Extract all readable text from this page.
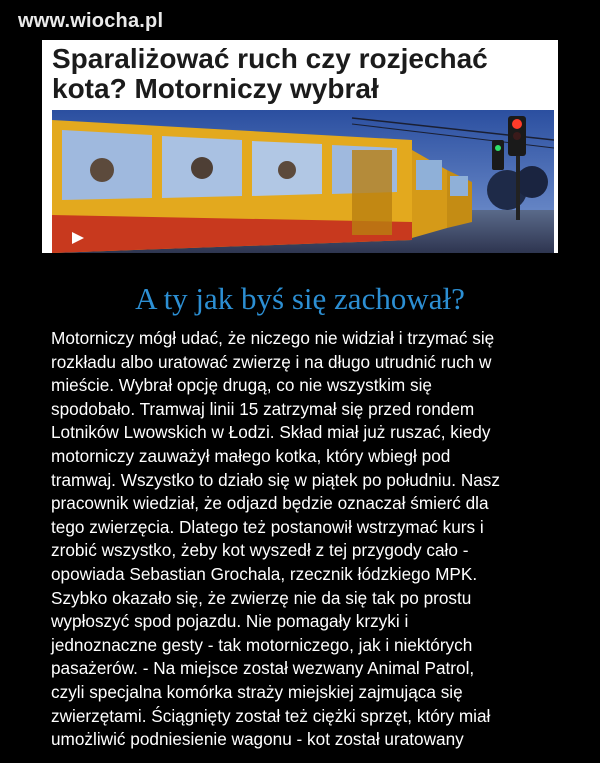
www.wiocha.pl
Sparaliżować ruch czy rozjechać
kota? Motorniczy wybrał
A ty jak byś się zachował?

Motorniczy mógł udać, że niczego nie widział i trzymać się
rozkładu albo uratować zwierzę i na długo utrudnić ruch w
mieście. Wybrał opcję drugą, co nie wszystkim się
spodobało. Tramwaj linii 15 zatrzymał się przed rondem
Lotników Lwowskich w Łodzi. Skład miał już ruszać, kiedy
motorniczy zauważył małego kotka, który wbiegł pod
tramwaj. Wszystko to działo się w piątek po południu. Nasz
pracownik wiedział, że odjazd będzie oznaczał śmierć dla
tego zwierzęcia. Dlatego też postanowił wstrzymać kurs i
zrobić wszystko, żeby kot wyszedł z tej przygody cało -
opowiada Sebastian Grochala, rzecznik łódzkiego MPK.
Szybko okazało się, że zwierzę nie da się tak po prostu
wypłoszyć spod pojazdu. Nie pomagały krzyki i
jednoznaczne gesty - tak motorniczego, jak i niektórych
pasażerów. - Na miejsce został wezwany Animal Patrol,
czyli specjalna komórka straży miejskiej zajmująca się
zwierzętami. Ściągnięty został też ciężki sprzęt, który miał
umożliwić podniesienie wagonu - kot został uratowany
